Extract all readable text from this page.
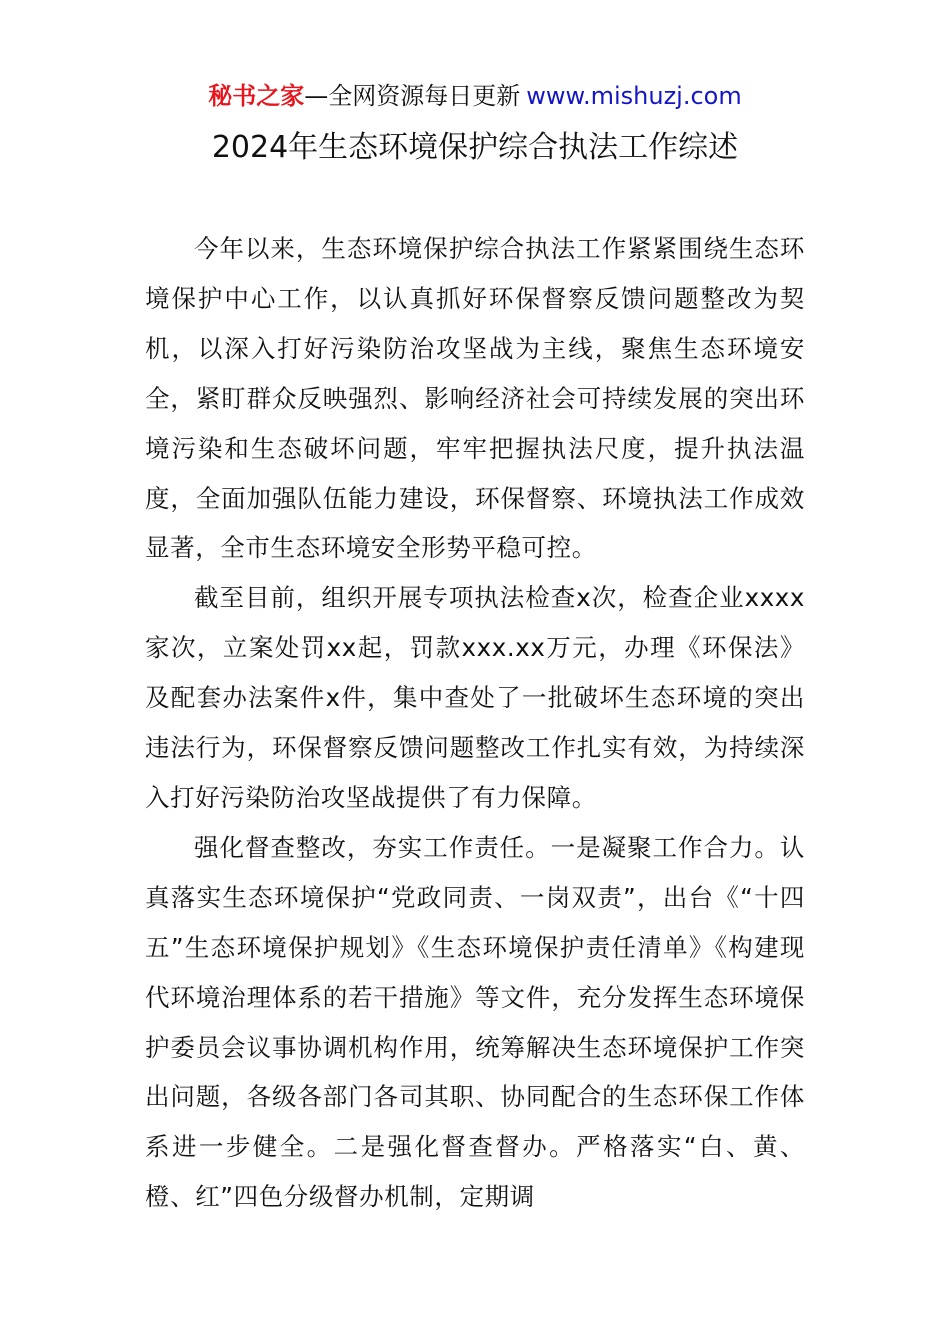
秘书之家—全网资源每日更新 www.mishuzj.com
2024年生态环境保护综合执法工作综述

今年以来，生态环境保护综合执法工作紧紧围绕生态环境保护中心工作，以认真抓好环保督察反馈问题整改为契机，以深入打好污染防治攻坚战为主线，聚焦生态环境安全，紧盯群众反映强烈、影响经济社会可持续发展的突出环境污染和生态破坏问题，牢牢把握执法尺度，提升执法温度，全面加强队伍能力建设，环保督察、环境执法工作成效显著，全市生态环境安全形势平稳可控。

截至目前，组织开展专项执法检查x次，检查企业xxxx家次，立案处罚xx起，罚款xxx.xx万元，办理《环保法》及配套办法案件x件，集中查处了一批破坏生态环境的突出违法行为，环保督察反馈问题整改工作扎实有效，为持续深入打好污染防治攻坚战提供了有力保障。

强化督查整改，夯实工作责任。一是凝聚工作合力。认真落实生态环境保护“党政同责、一岗双责”，出台《“十四五”生态环境保护规划》《生态环境保护责任清单》《构建现代环境治理体系的若干措施》等文件，充分发挥生态环境保护委员会议事协调机构作用，统筹解决生态环境保护工作突出问题，各级各部门各司其职、协同配合的生态环保工作体系进一步健全。二是强化督查督办。严格落实“白、黄、橙、红”四色分级督办机制，定期调
